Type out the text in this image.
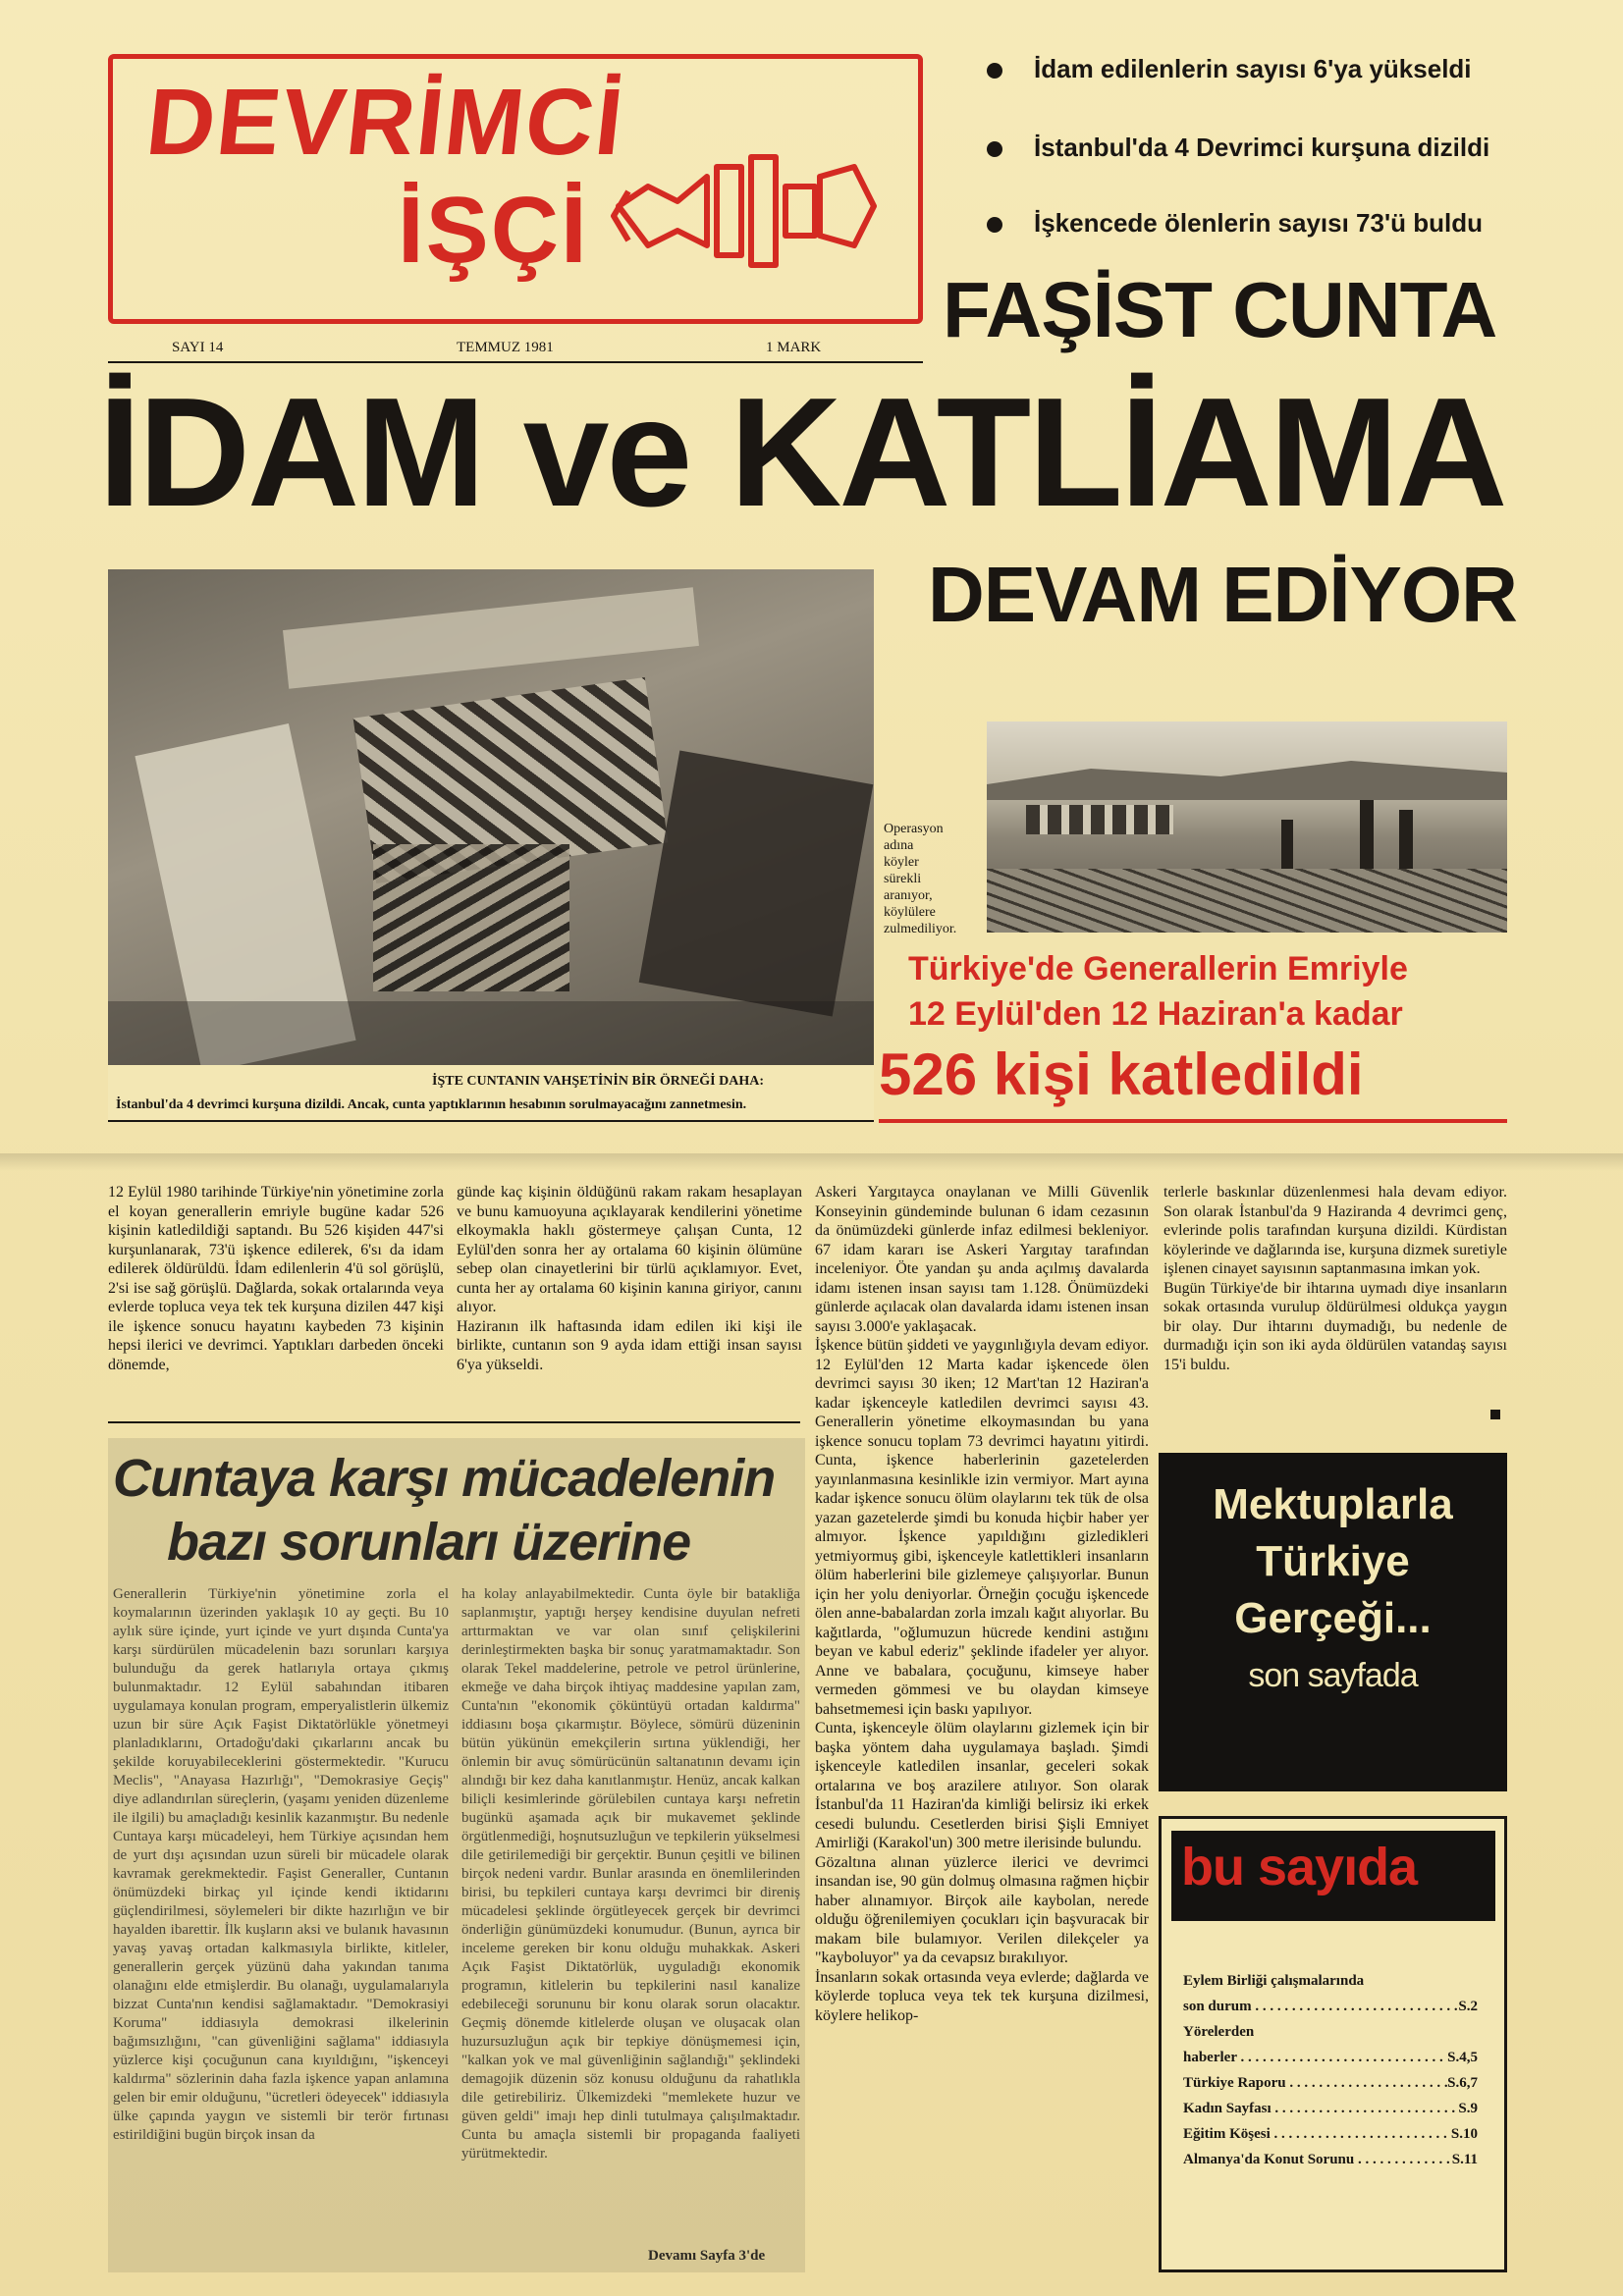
DEVRİMCİ
İŞÇİ
SAYI 14	TEMMUZ 1981	1 MARK
İdam edilenlerin sayısı 6'ya yükseldi
İstanbul'da 4 Devrimci kurşuna dizildi
İşkencede ölenlerin sayısı 73'ü buldu
FAŞİST CUNTA
İDAM ve KATLİAMA
DEVAM EDİYOR
İŞTE CUNTANIN VAHŞETİNİN BİR ÖRNEĞİ DAHA:
İstanbul'da 4 devrimci kurşuna dizildi. Ancak, cunta yaptıklarının hesabının sorulmayacağını zannetmesin.
Operasyon
adına
köyler
sürekli
aranıyor,
köylülere
zulmediliyor.
Türkiye'de Generallerin Emriyle
12 Eylül'den 12 Haziran'a kadar
526 kişi katledildi
12 Eylül 1980 tarihinde Türkiye'nin yönetimine zorla el koyan generallerin emriyle bugüne kadar 526 kişinin katledildiği saptandı. Bu 526 kişiden 447'si kurşunlanarak, 73'ü işkence edilerek, 6'sı da idam edilerek öldürüldü. İdam edilenlerin 4'ü sol görüşlü, 2'si ise sağ görüşlü. Dağlarda, sokak ortalarında veya evlerde topluca veya tek tek kurşuna dizilen 447 kişi ile işkence sonucu hayatını kaybeden 73 kişinin hepsi ilerici ve devrimci. Yaptıkları darbeden önceki dönemde,
günde kaç kişinin öldüğünü rakam rakam hesaplayan ve bunu kamuoyuna açıklayarak kendilerini yönetime elkoymakla haklı göstermeye çalışan Cunta, 12 Eylül'den sonra her ay ortalama 60 kişinin ölümüne sebep olan cinayetlerini bir türlü açıklamıyor. Evet, cunta her ay ortalama 60 kişinin kanına giriyor, canını alıyor.
Haziranın ilk haftasında idam edilen iki kişi ile birlikte, cuntanın son 9 ayda idam ettiği insan sayısı 6'ya yükseldi.
Askeri Yargıtayca onaylanan ve Milli Güvenlik Konseyinin gündeminde bulunan 6 idam cezasının da önümüzdeki günlerde infaz edilmesi bekleniyor. 67 idam kararı ise Askeri Yargıtay tarafından inceleniyor. Öte yandan şu anda açılmış davalarda idamı istenen insan sayısı tam 1.128. Önümüzdeki günlerde açılacak olan davalarda idamı istenen insan sayısı 3.000'e yaklaşacak.
İşkence bütün şiddeti ve yaygınlığıyla devam ediyor. 12 Eylül'den 12 Marta kadar işkencede ölen devrimci sayısı 30 iken; 12 Mart'tan 12 Haziran'a kadar işkenceyle katledilen devrimci sayısı 43. Generallerin yönetime elkoymasından bu yana işkence sonucu toplam 73 devrimci hayatını yitirdi. Cunta, işkence haberlerinin gazetelerden yayınlanmasına kesinlikle izin vermiyor. Mart ayına kadar işkence sonucu ölüm olaylarını tek tük de olsa yazan gazetelerde şimdi bu konuda hiçbir haber yer almıyor. İşkence yapıldığını gizledikleri yetmiyormuş gibi, işkenceyle katlettikleri insanların ölüm haberlerini bile gizlemeye çalışıyorlar. Bunun için her yolu deniyorlar. Örneğin çocuğu işkencede ölen anne-babalardan zorla imzalı kağıt alıyorlar. Bu kağıtlarda, "oğlumuzun hücrede kendini astığını beyan ve kabul ederiz" şeklinde ifadeler yer alıyor. Anne ve babalara, çocuğunu, kimseye haber vermeden gömmesi ve bu olaydan kimseye bahsetmemesi için baskı yapılıyor.
Cunta, işkenceyle ölüm olaylarını gizlemek için bir başka yöntem daha uygulamaya başladı. Şimdi işkenceyle katledilen insanlar, geceleri sokak ortalarına ve boş arazilere atılıyor. Son olarak İstanbul'da 11 Haziran'da kimliği belirsiz iki erkek cesedi bulundu. Cesetlerden birisi Şişli Emniyet Amirliği (Karakol'un) 300 metre ilerisinde bulundu.
Gözaltına alınan yüzlerce ilerici ve devrimci insandan ise, 90 gün dolmuş olmasına rağmen hiçbir haber alınamıyor. Birçok aile kaybolan, nerede olduğu öğrenilemiyen çocukları için başvuracak bir makam bile bulamıyor. Verilen dilekçeler ya "kayboluyor" ya da cevapsız bırakılıyor.
İnsanların sokak ortasında veya evlerde; dağlarda ve köylerde topluca veya tek tek kurşuna dizilmesi, köylere helikop-
terlerle baskınlar düzenlenmesi hala devam ediyor. Son olarak İstanbul'da 9 Haziranda 4 devrimci genç, evlerinde polis tarafından kurşuna dizildi. Kürdistan köylerinde ve dağlarında ise, kurşuna dizmek suretiyle işlenen cinayet sayısının saptanmasına imkan yok.
Bugün Türkiye'de bir ihtarına uymadı diye insanların sokak ortasında vurulup öldürülmesi oldukça yaygın bir olay. Dur ihtarını duymadığı, bu nedenle de durmadığı için son iki ayda öldürülen vatandaş sayısı 15'i buldu.
Cuntaya karşı mücadelenin
bazı sorunları üzerine
Generallerin Türkiye'nin yönetimine zorla el koymalarının üzerinden yaklaşık 10 ay geçti. Bu 10 aylık süre içinde, yurt içinde ve yurt dışında Cunta'ya karşı sürdürülen mücadelenin bazı sorunları karşıya bulunduğu da gerek hatlarıyla ortaya çıkmış bulunmaktadır. 12 Eylül sabahından itibaren uygulamaya konulan program, emperyalistlerin ülkemiz uzun bir süre Açık Faşist Diktatörlükle yönetmeyi planladıklarını, Ortadoğu'daki çıkarlarını ancak bu şekilde koruyabileceklerini göstermektedir. "Kurucu Meclis", "Anayasa Hazırlığı", "Demokrasiye Geçiş" diye adlandırılan süreçlerin, (yaşamı yeniden düzenleme ile ilgili) bu amaçladığı kesinlik kazanmıştır. Bu nedenle Cuntaya karşı mücadeleyi, hem Türkiye açısından hem de yurt dışı açısından uzun süreli bir mücadele olarak kavramak gerekmektedir. Faşist Generaller, Cuntanın önümüzdeki birkaç yıl içinde kendi iktidarını güçlendirilmesi, söylemeleri bir dikte hazırlığın ve bir hayalden ibarettir. İlk kuşların aksi ve bulanık havasının yavaş yavaş ortadan kalkmasıyla birlikte, kitleler, generallerin gerçek yüzünü daha yakından tanıma olanağını elde etmişlerdir. Bu olanağı, uygulamalarıyla bizzat Cunta'nın kendisi sağlamaktadır. "Demokrasiyi Koruma" iddiasıyla demokrasi ilkelerinin bağımsızlığını, "can güvenliğini sağlama" iddiasıyla yüzlerce kişi çocuğunun cana kıyıldığını, "işkenceyi kaldırma" sözlerinin daha fazla işkence yapan anlamına gelen bir emir olduğunu, "ücretleri ödeyecek" iddiasıyla ülke çapında yaygın ve sistemli bir terör fırtınası estirildiğini bugün birçok insan da
ha kolay anlayabilmektedir. Cunta öyle bir batakliğa saplanmıştır, yaptığı herşey kendisine duyulan nefreti arttırmaktan ve var olan sınıf çelişkilerini derinleştirmekten başka bir sonuç yaratmamaktadır. Son olarak Tekel maddelerine, petrole ve petrol ürünlerine, ekmeğe ve daha birçok ihtiyaç maddesine yapılan zam, Cunta'nın "ekonomik çöküntüyü ortadan kaldırma" iddiasını boşa çıkarmıştır. Böylece, sömürü düzeninin bütün yükünün emekçilerin sırtına yüklendiği, her önlemin bir avuç sömürücünün saltanatının devamı için alındığı bir kez daha kanıtlanmıştır. Henüz, ancak kalkan biliçli kesimlerinde görülebilen cuntaya karşı nefretin bugünkü aşamada açık bir mukavemet şeklinde örgütlenmediği, hoşnutsuzluğun ve tepkilerin yükselmesi dile getirilemediği bir gerçektir. Bunun çeşitli ve bilinen birçok nedeni vardır. Bunlar arasında en önemlilerinden birisi, bu tepkileri cuntaya karşı devrimci bir direniş mücadelesi şeklinde örgütleyecek gerçek bir devrimci önderliğin günümüzdeki konumudur. (Bunun, ayrıca bir inceleme gereken bir konu olduğu muhakkak. Askeri Açık Faşist Diktatörlük, uyguladığı ekonomik programın, kitlelerin bu tepkilerini nasıl kanalize edebileceği sorununu bir konu olarak sorun olacaktır. Geçmiş dönemde kitlelerde oluşan ve oluşacak olan huzursuzluğun açık bir tepkiye dönüşmemesi için, "kalkan yok ve mal güvenliğinin sağlandığı" şeklindeki demagojik düzenin söz konusu olduğunu da rahatlıkla dile getirebiliriz. Ülkemizdeki "memlekete huzur ve güven geldi" imajı hep dinli tutulmaya çalışılmaktadır. Cunta bu amaçla sistemli bir propaganda faaliyeti yürütmektedir.
Devamı Sayfa 3'de
Mektuplarla
Türkiye
Gerçeği...
son sayfada
bu sayıda
Eylem Birliği çalışmalarında
son durum . . .	S.2
Yörelerden
haberler . . .	S.4,5
Türkiye Raporu . . .	S.6,7
Kadın Sayfası . . .	S.9
Eğitim Köşesi . . .	S.10
Almanya'da Konut Sorunu . . .	S.11
